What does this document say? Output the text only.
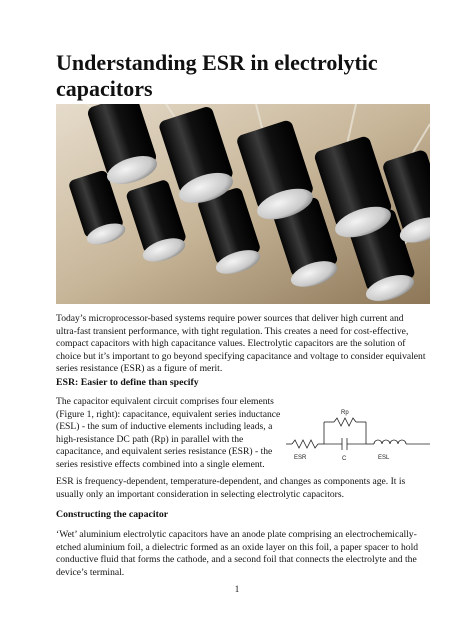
Understanding ESR in electrolytic capacitors

Today’s microprocessor-based systems require power sources that deliver high current and ultra-fast transient performance, with tight regulation. This creates a need for cost-effective, compact capacitors with high capacitance values. Electrolytic capacitors are the solution of choice but it’s important to go beyond specifying capacitance and voltage to consider equivalent series resistance (ESR) as a figure of merit.

ESR: Easier to define than specify

The capacitor equivalent circuit comprises four elements (Figure 1, right): capacitance, equivalent series inductance (ESL) - the sum of inductive elements including leads, a high-resistance DC path (Rp) in parallel with the capacitance, and equivalent series resistance (ESR) - the series resistive effects combined into a single element.

Rp
ESR	C	ESL

ESR is frequency-dependent, temperature-dependent, and changes as components age. It is usually only an important consideration in selecting electrolytic capacitors.

Constructing the capacitor

‘Wet’ aluminium electrolytic capacitors have an anode plate comprising an electrochemically-etched aluminium foil, a dielectric formed as an oxide layer on this foil, a paper spacer to hold conductive fluid that forms the cathode, and a second foil that connects the electrolyte and the device’s terminal.

1
